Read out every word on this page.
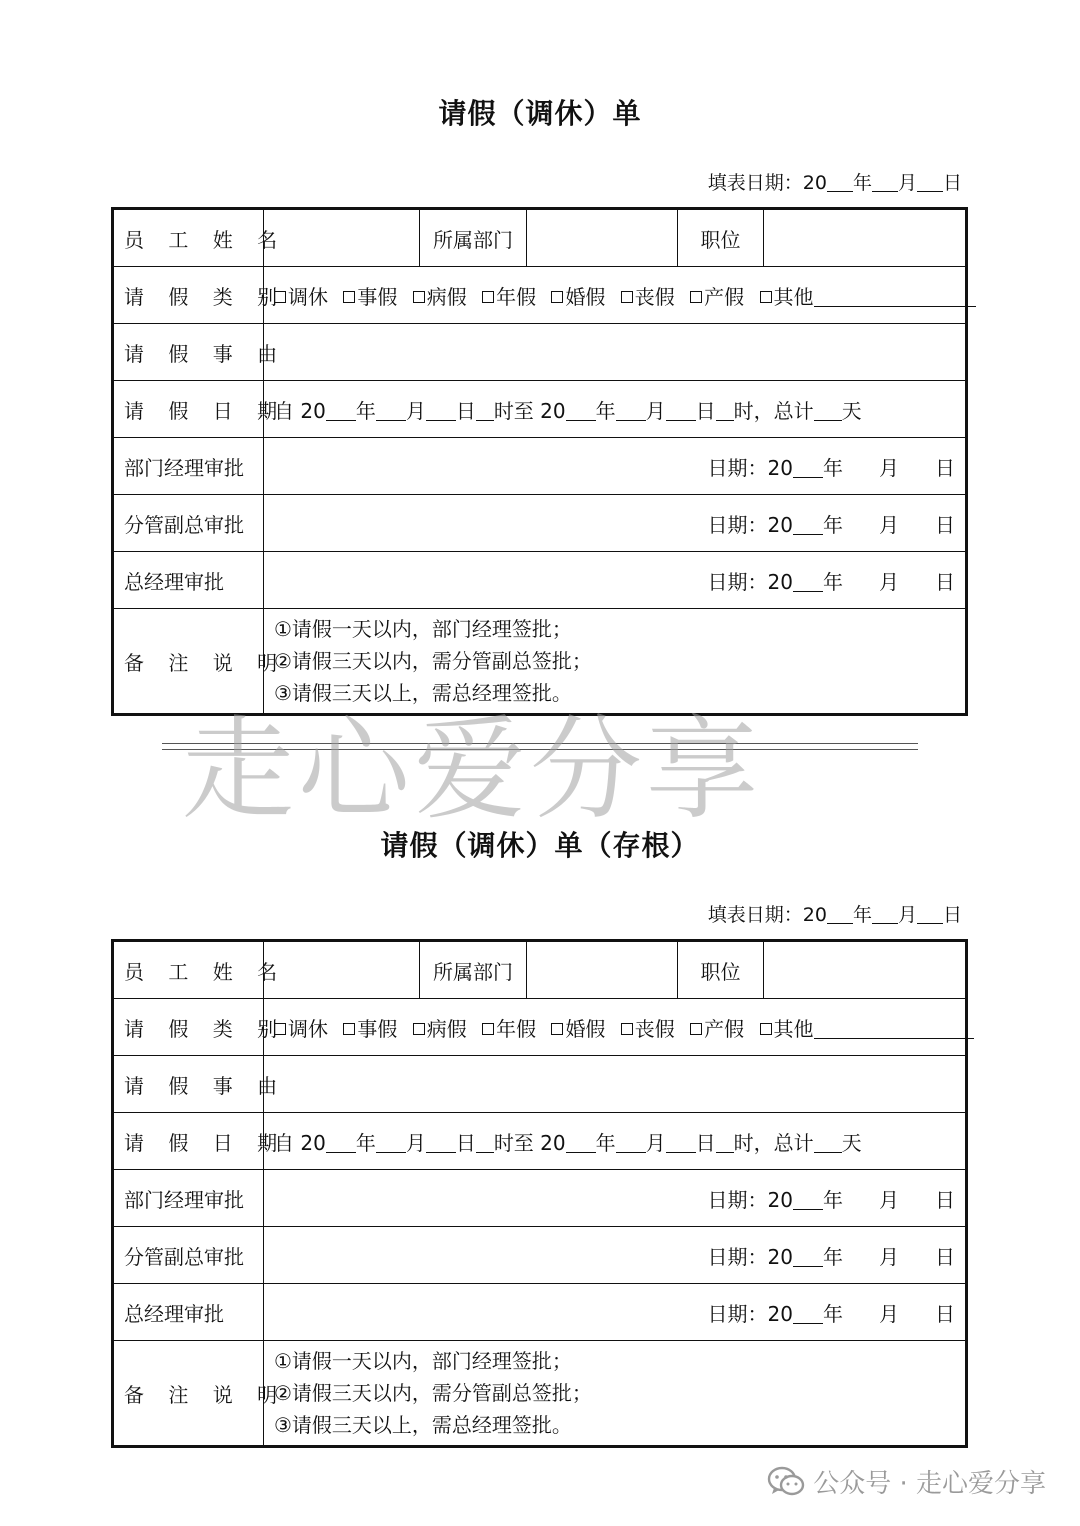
请假（调休）单
填表日期：20 年 月 日
员 工 姓 名		所属部门		职位	
请 假 类 别	调休 事假 病假 年假 婚假 丧假 产假 其他				
请 假 事 由					
请 假 日 期	自 20 年 月 日 时至 20 年 月 日 时，总计 天				
部门经理审批	日期：20 年 月 日				
分管副总审批	日期：20 年 月 日				
总经理审批	日期：20 年 月 日				
备 注 说 明	①请假一天以内，部门经理签批；
②请假三天以内，需分管副总签批；
③请假三天以上，需总经理签批。				
请假（调休）单（存根）
填表日期：20 年 月 日
员 工 姓 名		所属部门		职位	
请 假 类 别	调休 事假 病假 年假 婚假 丧假 产假 其他				
请 假 事 由					
请 假 日 期	自 20 年 月 日 时至 20 年 月 日 时，总计 天				
部门经理审批	日期：20 年 月 日				
分管副总审批	日期：20 年 月 日				
总经理审批	日期：20 年 月 日				
备 注 说 明	①请假一天以内，部门经理签批；
②请假三天以内，需分管副总签批；
③请假三天以上，需总经理签批。				
走心爱分享
公众号 · 走心爱分享
